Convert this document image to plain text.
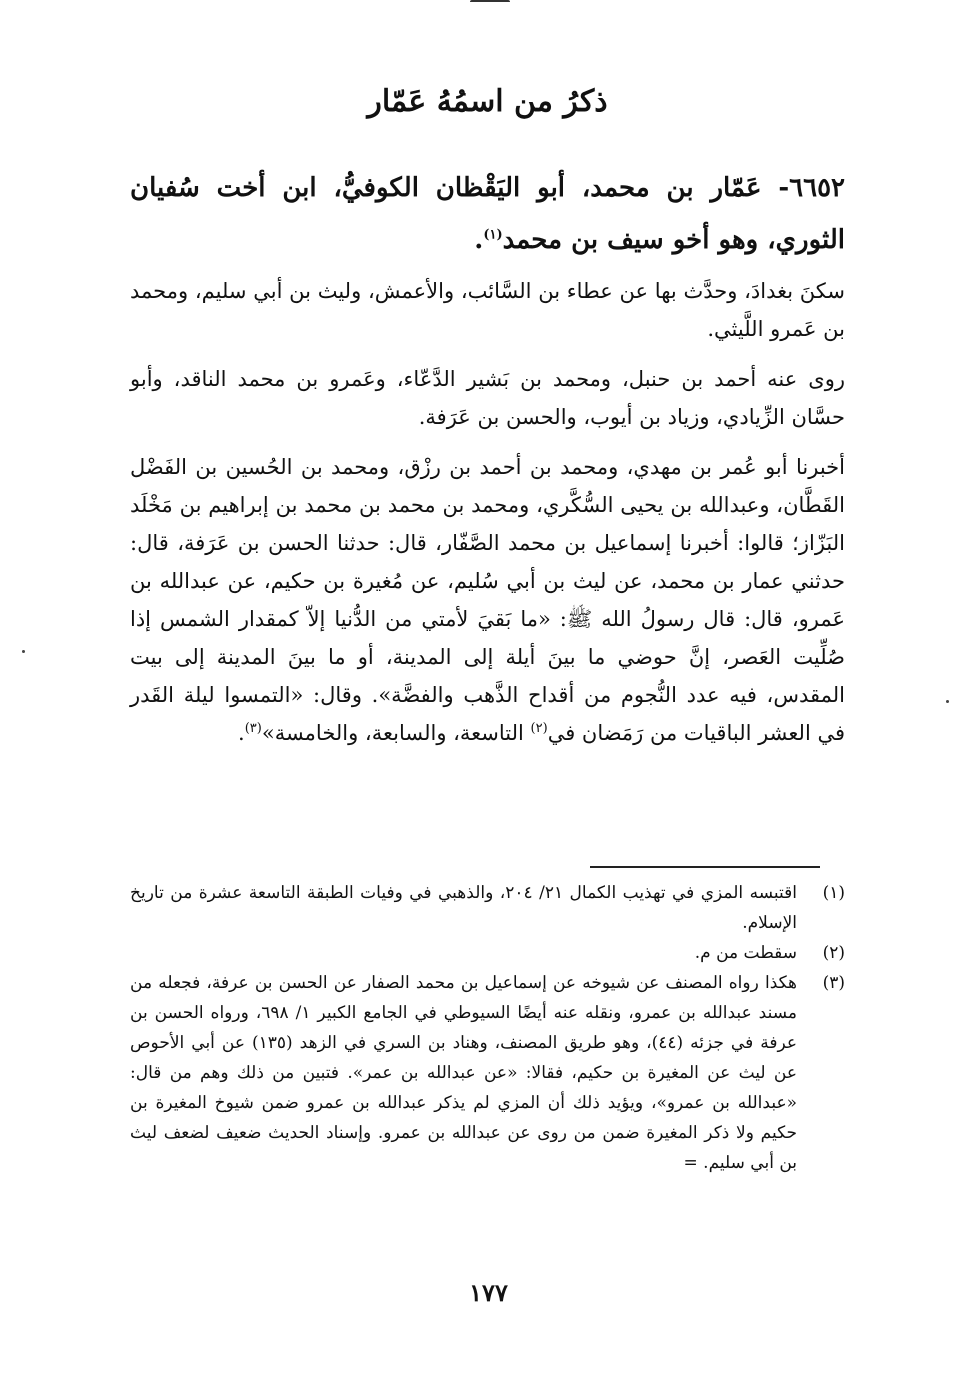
ذكرُ من اسمُهُ عَمّار
٦٦٥٢- عَمّار بن محمد، أبو اليَقْظان الكوفيُّ، ابن أخت سُفيان الثوري، وهو أخو سيف بن محمد$^{(١)}$.
سكنَ بغدادَ، وحدَّث بها عن عطاء بن السَّائب، والأعمش، وليث بن أبي سليم، ومحمد بن عَمرو اللَّيثي.
روى عنه أحمد بن حنبل، ومحمد بن بَشير الدَّعّاء، وعَمرو بن محمد الناقد، وأبو حسَّان الزِّيادي، وزياد بن أيوب، والحسن بن عَرَفة.
أخبرنا أبو عُمر بن مهدي، ومحمد بن أحمد بن رزْق، ومحمد بن الحُسين بن الفَضْل القَطَّان، وعبدالله بن يحيى السُّكَّري، ومحمد بن محمد بن محمد بن إبراهيم بن مَخْلَد البَزّاز؛ قالوا: أخبرنا إسماعيل بن محمد الصَّفّار، قال: حدثنا الحسن بن عَرَفة، قال: حدثني عمار بن محمد، عن ليث بن أبي سُليم، عن مُغيرة بن حكيم، عن عبدالله بن عَمرو، قال: قال رسولُ الله ﷺ: «ما بَقيَ لأمتي من الدُّنيا إلاّ كمقدار الشمس إذا صُلِّيت العَصر، إنَّ حوضي ما بينَ أيلة إلى المدينة، أو ما بينَ المدينة إلى بيت المقدس، فيه عدد النُّجوم من أقداح الذَّهب والفضَّة». وقال: «التمسوا ليلة القَدر في العشر الباقيات من رَمَضان في$^{(٢)}$ التاسعة، والسابعة، والخامسة»$^{(٣)}$.
(١)
اقتبسه المزي في تهذيب الكمال ٢١/ ٢٠٤، والذهبي في وفيات الطبقة التاسعة عشرة من تاريخ الإسلام.
(٢)
سقطت من م.
(٣)
هكذا رواه المصنف عن شيوخه عن إسماعيل بن محمد الصفار عن الحسن بن عرفة، فجعله من مسند عبدالله بن عمرو، ونقله عنه أيضًا السيوطي في الجامع الكبير ١/ ٦٩٨، ورواه الحسن بن عرفة في جزئه (٤٤)، وهو طريق المصنف، وهناد بن السري في الزهد (١٣٥) عن أبي الأحوص عن ليث عن المغيرة بن حكيم، فقالا: «عن عبدالله بن عمر». فتبين من ذلك وهم من قال: «عبدالله بن عمرو»، ويؤيد ذلك أن المزي لم يذكر عبدالله بن عمرو ضمن شيوخ المغيرة بن حكيم ولا ذكر المغيرة ضمن من روى عن عبدالله بن عمرو. وإسناد الحديث ضعيف لضعف ليث بن أبي سليم. =
١٧٧
